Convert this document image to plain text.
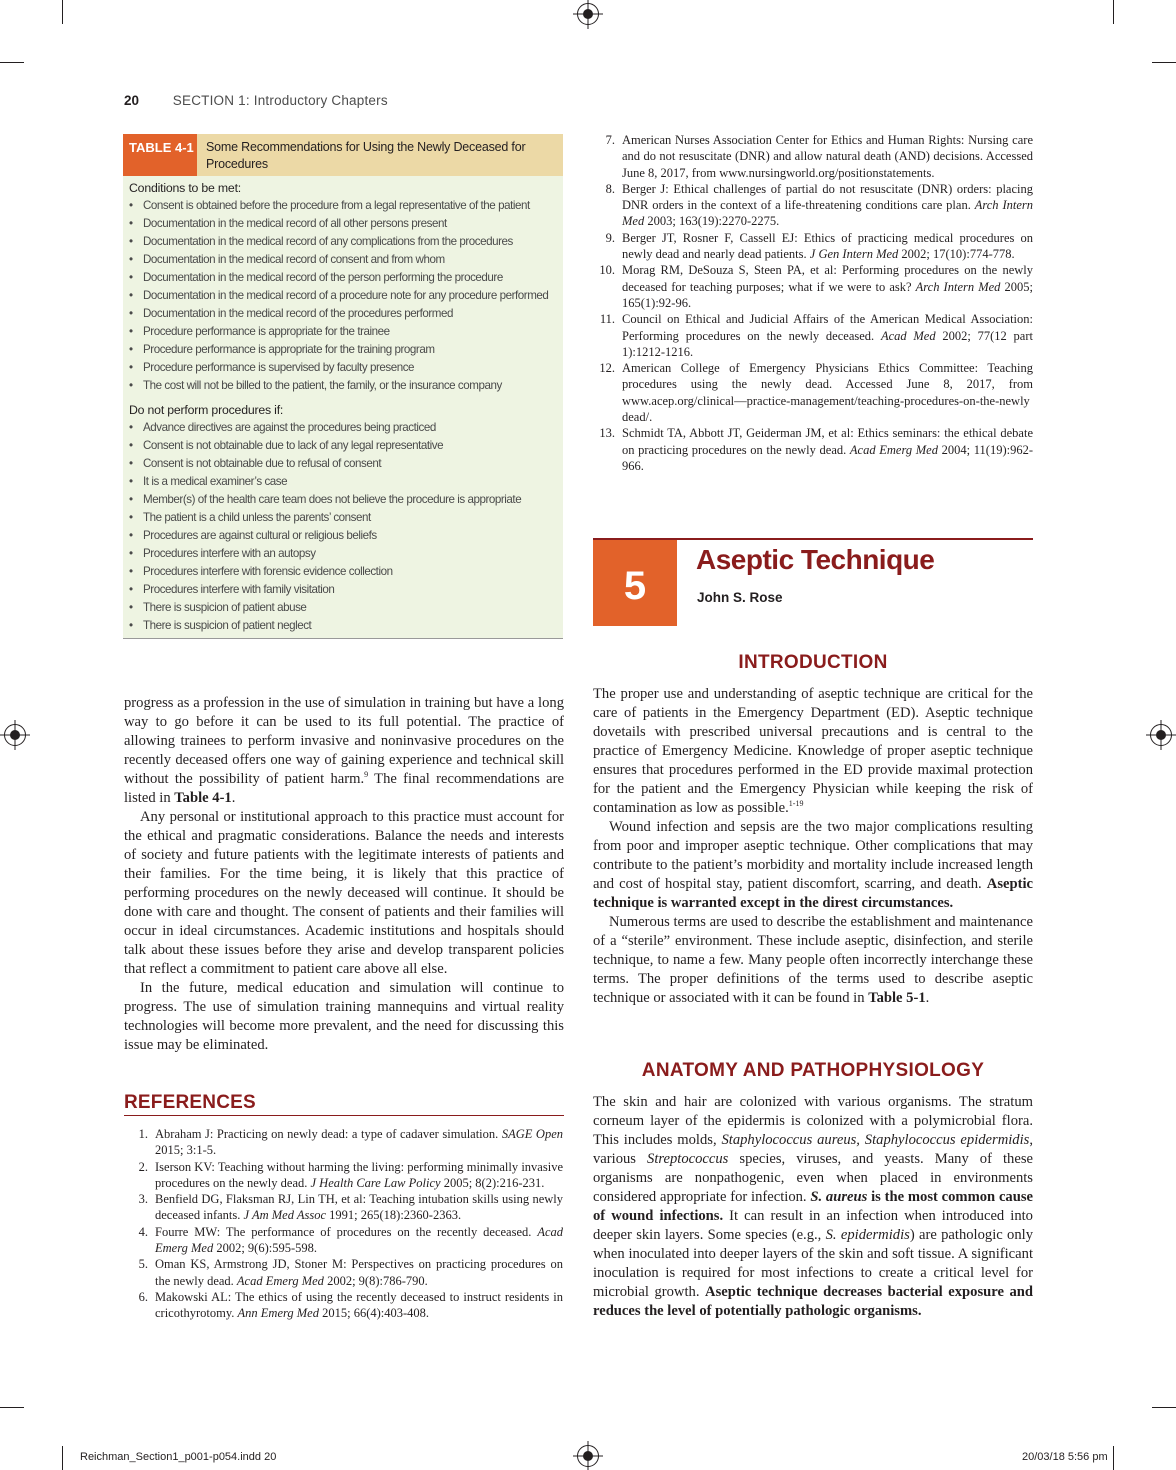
20	SECTION 1: Introductory Chapters
TABLE 4-1 Some Recommendations for Using the Newly Deceased for Procedures
Conditions to be met:
• Consent is obtained before the procedure from a legal representative of the patient
• Documentation in the medical record of all other persons present
• Documentation in the medical record of any complications from the procedures
• Documentation in the medical record of consent and from whom
• Documentation in the medical record of the person performing the procedure
• Documentation in the medical record of a procedure note for any procedure performed
• Documentation in the medical record of the procedures performed
• Procedure performance is appropriate for the trainee
• Procedure performance is appropriate for the training program
• Procedure performance is supervised by faculty presence
• The cost will not be billed to the patient, the family, or the insurance company
Do not perform procedures if:
• Advance directives are against the procedures being practiced
• Consent is not obtainable due to lack of any legal representative
• Consent is not obtainable due to refusal of consent
• It is a medical examiner’s case
• Member(s) of the health care team does not believe the procedure is appropriate
• The patient is a child unless the parents’ consent
• Procedures are against cultural or religious beliefs
• Procedures interfere with an autopsy
• Procedures interfere with forensic evidence collection
• Procedures interfere with family visitation
• There is suspicion of patient abuse
• There is suspicion of patient neglect

progress as a profession in the use of simulation in training but have a long way to go before it can be used to its full potential. The practice of allowing trainees to perform invasive and noninvasive procedures on the recently deceased offers one way of gaining experience and technical skill without the possibility of patient harm.$^9$ The final recommendations are listed in Table 4-1.

Any personal or institutional approach to this practice must account for the ethical and pragmatic considerations. Balance the needs and interests of society and future patients with the legitimate interests of patients and their families. For the time being, it is likely that this practice of performing procedures on the newly deceased will continue. It should be done with care and thought. The consent of patients and their families will occur in ideal circumstances. Academic institutions and hospitals should talk about these issues before they arise and develop transparent policies that reflect a commitment to patient care above all else.

In the future, medical education and simulation will continue to progress. The use of simulation training mannequins and virtual reality technologies will become more prevalent, and the need for discussing this issue may be eliminated.

REFERENCES
1. Abraham J: Practicing on newly dead: a type of cadaver simulation. SAGE Open 2015; 3:1-5.
2. Iserson KV: Teaching without harming the living: performing minimally invasive procedures on the newly dead. J Health Care Law Policy 2005; 8(2):216-231.
3. Benfield DG, Flaksman RJ, Lin TH, et al: Teaching intubation skills using newly deceased infants. J Am Med Assoc 1991; 265(18):2360-2363.
4. Fourre MW: The performance of procedures on the recently deceased. Acad Emerg Med 2002; 9(6):595-598.
5. Oman KS, Armstrong JD, Stoner M: Perspectives on practicing procedures on the newly dead. Acad Emerg Med 2002; 9(8):786-790.
6. Makowski AL: The ethics of using the recently deceased to instruct residents in cricothyrotomy. Ann Emerg Med 2015; 66(4):403-408.
7. American Nurses Association Center for Ethics and Human Rights: Nursing care and do not resuscitate (DNR) and allow natural death (AND) decisions. Accessed June 8, 2017, from www.nursingworld.org/positionstatements.
8. Berger J: Ethical challenges of partial do not resuscitate (DNR) orders: placing DNR orders in the context of a life-threatening conditions care plan. Arch Intern Med 2003; 163(19):2270-2275.
9. Berger JT, Rosner F, Cassell EJ: Ethics of practicing medical procedures on newly dead and nearly dead patients. J Gen Intern Med 2002; 17(10):774-778.
10. Morag RM, DeSouza S, Steen PA, et al: Performing procedures on the newly deceased for teaching purposes; what if we were to ask? Arch Intern Med 2005; 165(1):92-96.
11. Council on Ethical and Judicial Affairs of the American Medical Association: Performing procedures on the newly deceased. Acad Med 2002; 77(12 part 1):1212-1216.
12. American College of Emergency Physicians Ethics Committee: Teaching procedures using the newly dead. Accessed June 8, 2017, from www.acep.org/clinical—practice-management/teaching-procedures-on-the-newly dead/.
13. Schmidt TA, Abbott JT, Geiderman JM, et al: Ethics seminars: the ethical debate on practicing procedures on the newly dead. Acad Emerg Med 2004; 11(19):962-966.
5
Aseptic Technique
John S. Rose
INTRODUCTION

The proper use and understanding of aseptic technique are critical for the care of patients in the Emergency Department (ED). Aseptic technique dovetails with prescribed universal precautions and is central to the practice of Emergency Medicine. Knowledge of proper aseptic technique ensures that procedures performed in the ED provide maximal protection for the patient and the Emergency Physician while keeping the risk of contamination as low as possible.$^{1-19}$

Wound infection and sepsis are the two major complications resulting from poor and improper aseptic technique. Other complications that may contribute to the patient’s morbidity and mortality include increased length and cost of hospital stay, patient discomfort, scarring, and death. Aseptic technique is warranted except in the direst circumstances.

Numerous terms are used to describe the establishment and maintenance of a “sterile” environment. These include aseptic, disinfection, and sterile technique, to name a few. Many people often incorrectly interchange these terms. The proper definitions of the terms used to describe aseptic technique or associated with it can be found in Table 5-1.

ANATOMY AND PATHOPHYSIOLOGY

The skin and hair are colonized with various organisms. The stratum corneum layer of the epidermis is colonized with a polymicrobial flora. This includes molds, Staphylococcus aureus, Staphylococcus epidermidis, various Streptococcus species, viruses, and yeasts. Many of these organisms are nonpathogenic, even when placed in environments considered appropriate for infection. S. aureus is the most common cause of wound infections. It can result in an infection when introduced into deeper skin layers. Some species (e.g., S. epidermidis) are pathologic only when inoculated into deeper layers of the skin and soft tissue. A significant inoculation is required for most infections to create a critical level for microbial growth. Aseptic technique decreases bacterial exposure and reduces the level of potentially pathologic organisms.

Reichman_Section1_p001-p054.indd 20	20/03/18 5:56 pm
